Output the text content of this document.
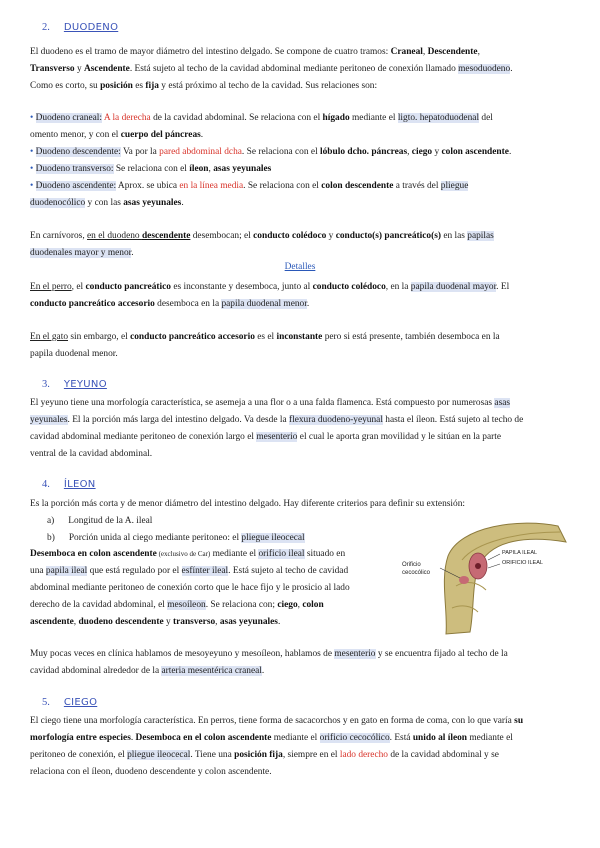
2. DUODENO
El duodeno es el tramo de mayor diámetro del intestino delgado. Se compone de cuatro tramos: Craneal, Descendente,
Transverso y Ascendente. Está sujeto al techo de la cavidad abdominal mediante peritoneo de conexión llamado mesoduodeno.
Como es corto, su posición es fija y está próximo al techo de la cavidad. Sus relaciones son:
• Duodeno craneal: A la derecha de la cavidad abdominal. Se relaciona con el hígado mediante el ligto. hepatoduodenal del
omento menor, y con el cuerpo del páncreas.
• Duodeno descendente: Va por la pared abdominal dcha. Se relaciona con el lóbulo dcho. páncreas, ciego y colon ascendente.
• Duodeno transverso: Se relaciona con el íleon, asas yeyunales
• Duodeno ascendente: Aprox. se ubica en la línea media. Se relaciona con el colon descendente a través del pliegue
duodenocólico y con las asas yeyunales.
En carnívoros, en el duodeno descendente desembocan; el conducto colédoco y conducto(s) pancreático(s) en las papilas
duodenales mayor y menor.
Detalles
En el perro, el conducto pancreático es inconstante y desemboca, junto al conducto colédoco, en la papila duodenal mayor. El
conducto pancreático accesorio desemboca en la papila duodenal menor.
En el gato sin embargo, el conducto pancreático accesorio es el inconstante pero si está presente, también desemboca en la
papila duodenal menor.
3. YEYUNO
El yeyuno tiene una morfología característica, se asemeja a una flor o a una falda flamenca. Está compuesto por numerosas asas
yeyunales. El la porción más larga del intestino delgado. Va desde la flexura duodeno-yeyunal hasta el íleon. Está sujeto al techo de
cavidad abdominal mediante peritoneo de conexión largo el mesenterio el cual le aporta gran movilidad y le sitúan en la parte
ventral de la cavidad abdominal.
4. ÍLEON
Es la porción más corta y de menor diámetro del intestino delgado. Hay diferente criterios para definir su extensión:
a) Longitud de la A. ileal
b) Porción unida al ciego mediante peritoneo: el pliegue ileocecal
Desemboca en colon ascendente (exclusivo de Car) mediante el orificio ileal situado en
una papila ileal que está regulado por el esfínter ileal. Está sujeto al techo de cavidad
abdominal mediante peritoneo de conexión corto que le hace fijo y le prosicio al lado
derecho de la cavidad abdominal, el mesoíleon. Se relaciona con; ciego, colon
ascendente, duodeno descendente y transverso, asas yeyunales.
Orificio
cecocólico
PAPILA ILEAL
ORIFICIO ILEAL
Muy pocas veces en clínica hablamos de mesoyeyuno y mesoíleon, hablamos de mesenterio y se encuentra fijado al techo de la
cavidad abdominal alrededor de la arteria mesentérica craneal.
5. CIEGO
El ciego tiene una morfología característica. En perros, tiene forma de sacacorchos y en gato en forma de coma, con lo que varía su
morfología entre especies. Desemboca en el colon ascendente mediante el orificio cecocólico. Está unido al íleon mediante el
peritoneo de conexión, el pliegue ileocecal. Tiene una posición fija, siempre en el lado derecho de la cavidad abdominal y se
relaciona con el íleon, duodeno descendente y colon ascendente.
